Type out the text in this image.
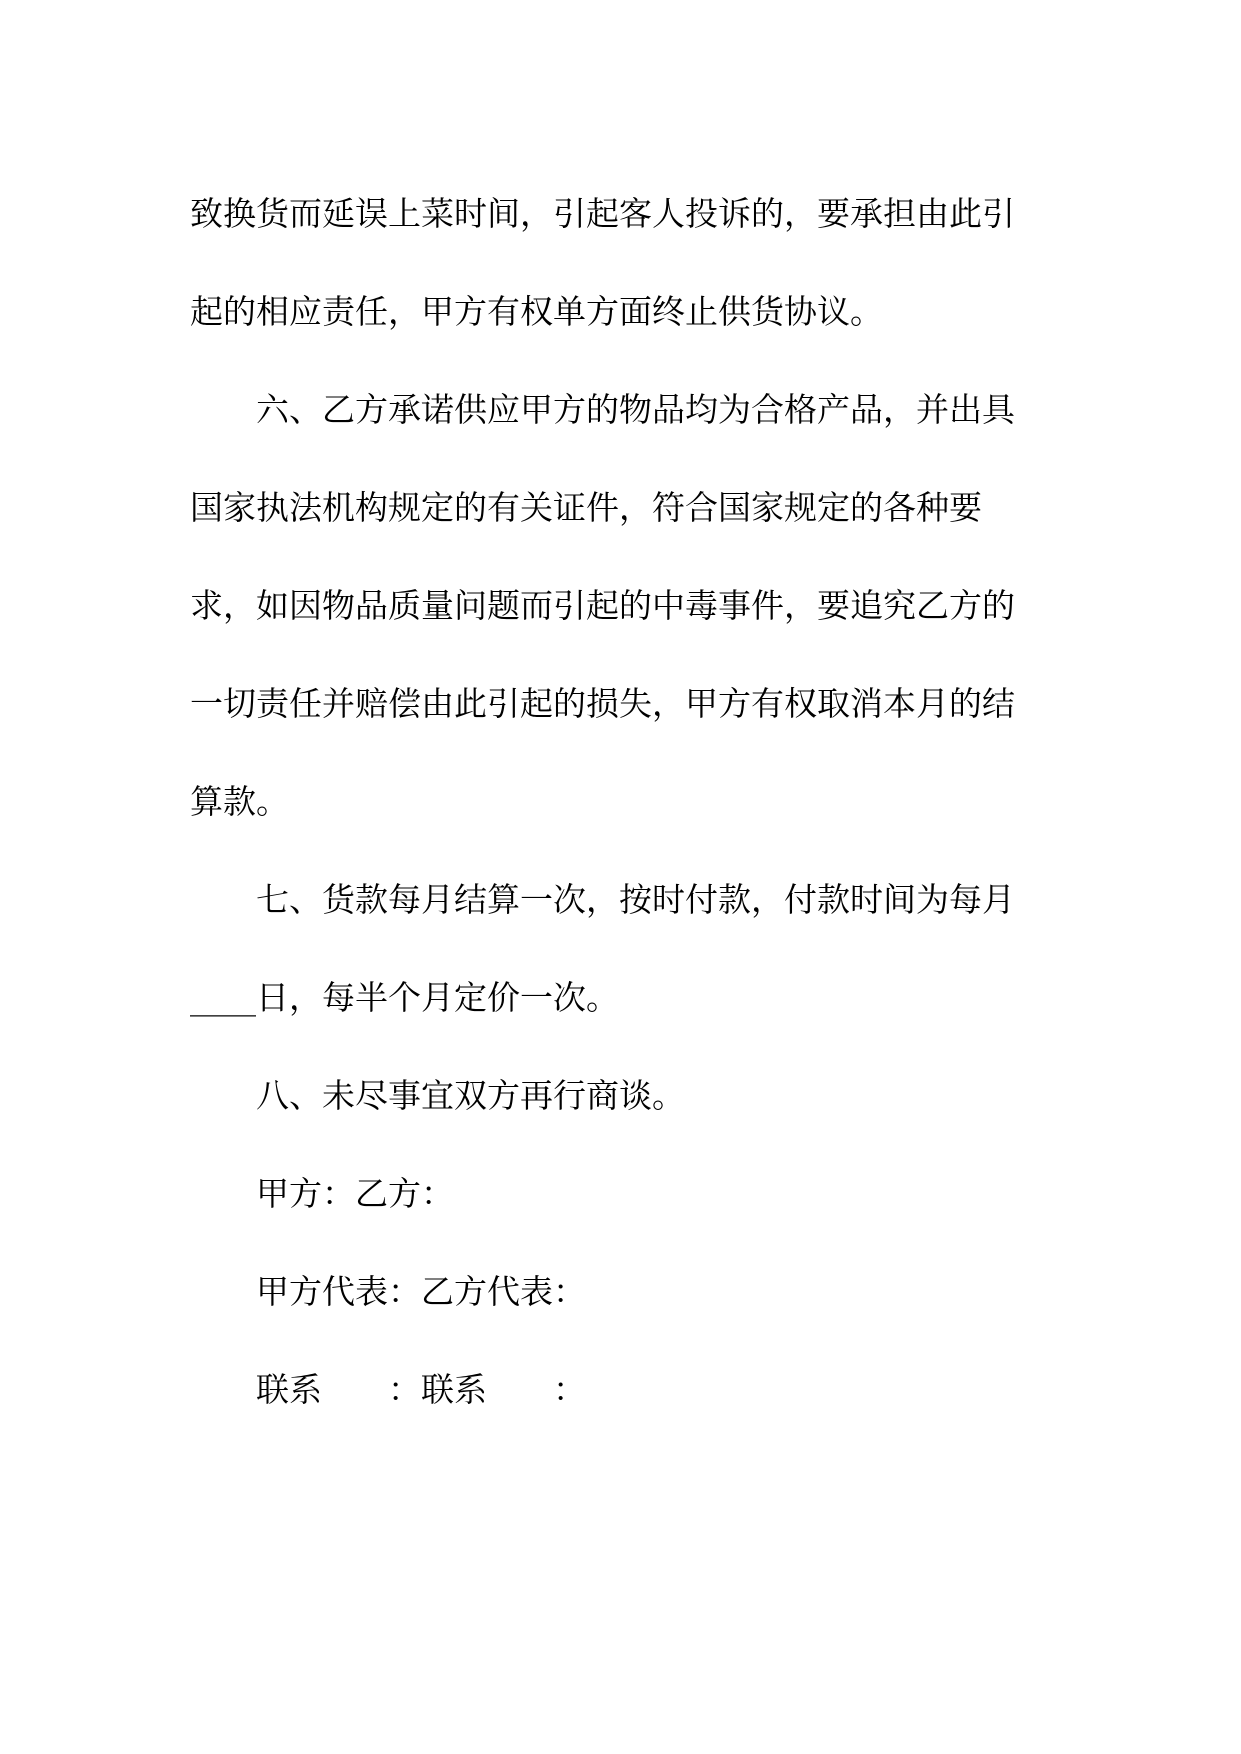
致换货而延误上菜时间，引起客人投诉的，要承担由此引
起的相应责任，甲方有权单方面终止供货协议。
六、乙方承诺供应甲方的物品均为合格产品，并出具
国家执法机构规定的有关证件，符合国家规定的各种要
求，如因物品质量问题而引起的中毒事件，要追究乙方的
一切责任并赔偿由此引起的损失，甲方有权取消本月的结
算款。
七、货款每月结算一次，按时付款，付款时间为每月
____日，每半个月定价一次。
八、未尽事宜双方再行商谈。
甲方：乙方：
甲方代表：乙方代表：
联系　　：联系　　：
